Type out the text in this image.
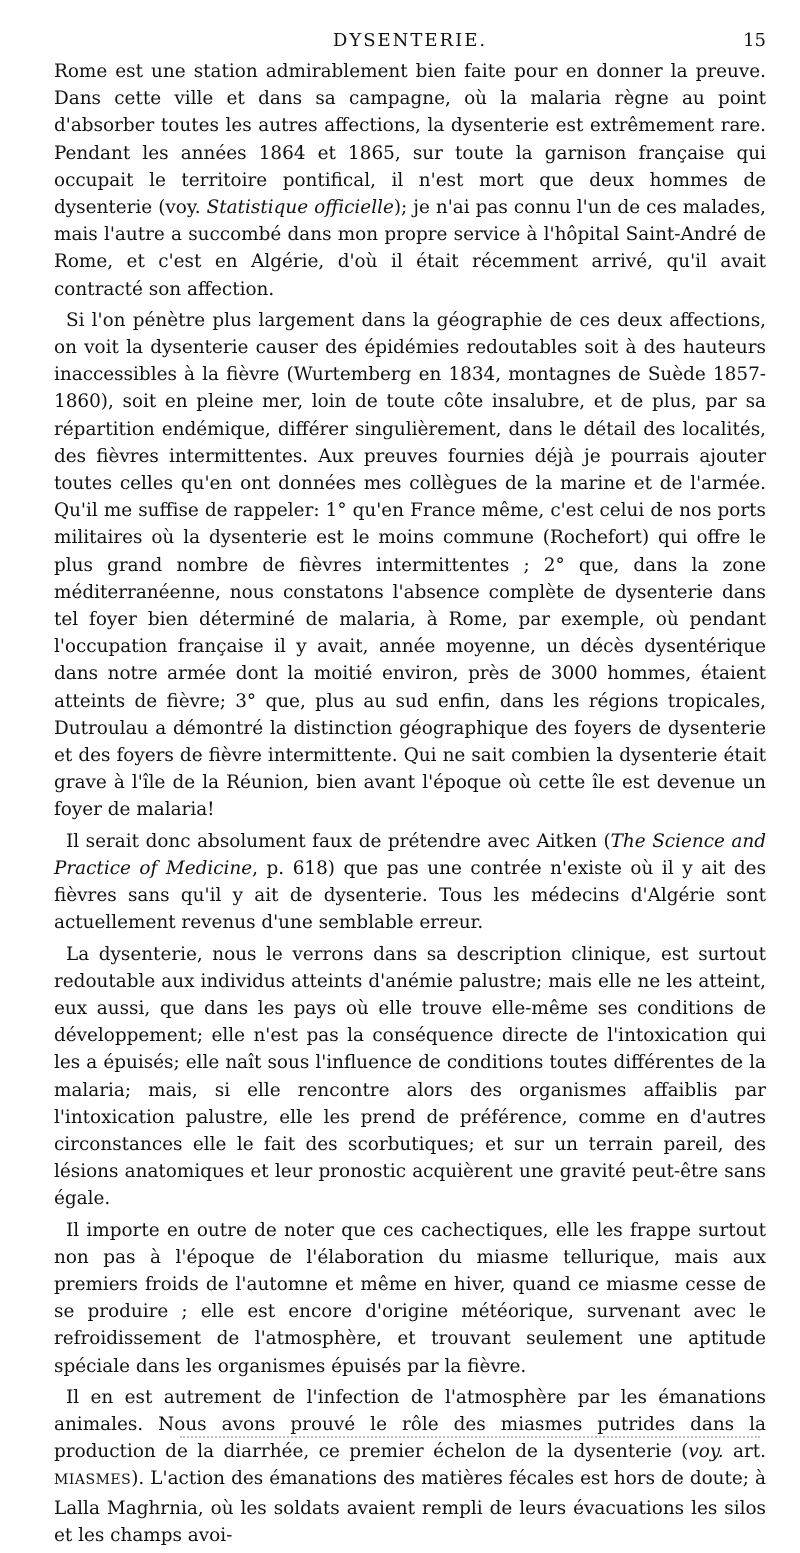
DYSENTERIE.	15

Rome est une station admirablement bien faite pour en donner la preuve. Dans cette ville et dans sa campagne, où la malaria règne au point d'absorber toutes les autres affections, la dysenterie est extrêmement rare. Pendant les années 1864 et 1865, sur toute la garnison française qui occupait le territoire pontifical, il n'est mort que deux hommes de dysenterie (voy. Statistique officielle); je n'ai pas connu l'un de ces malades, mais l'autre a succombé dans mon propre service à l'hôpital Saint-André de Rome, et c'est en Algérie, d'où il était récemment arrivé, qu'il avait contracté son affection.

Si l'on pénètre plus largement dans la géographie de ces deux affections, on voit la dysenterie causer des épidémies redoutables soit à des hauteurs inaccessibles à la fièvre (Wurtemberg en 1834, montagnes de Suède 1857-1860), soit en pleine mer, loin de toute côte insalubre, et de plus, par sa répartition endémique, différer singulièrement, dans le détail des localités, des fièvres intermittentes. Aux preuves fournies déjà je pourrais ajouter toutes celles qu'en ont données mes collègues de la marine et de l'armée. Qu'il me suffise de rappeler: 1° qu'en France même, c'est celui de nos ports militaires où la dysenterie est le moins commune (Rochefort) qui offre le plus grand nombre de fièvres intermittentes ; 2° que, dans la zone méditerranéenne, nous constatons l'absence complète de dysenterie dans tel foyer bien déterminé de malaria, à Rome, par exemple, où pendant l'occupation française il y avait, année moyenne, un décès dysentérique dans notre armée dont la moitié environ, près de 3000 hommes, étaient atteints de fièvre; 3° que, plus au sud enfin, dans les régions tropicales, Dutroulau a démontré la distinction géographique des foyers de dysenterie et des foyers de fièvre intermittente. Qui ne sait combien la dysenterie était grave à l'île de la Réunion, bien avant l'époque où cette île est devenue un foyer de malaria!

Il serait donc absolument faux de prétendre avec Aitken (The Science and Practice of Medicine, p. 618) que pas une contrée n'existe où il y ait des fièvres sans qu'il y ait de dysenterie. Tous les médecins d'Algérie sont actuellement revenus d'une semblable erreur.

La dysenterie, nous le verrons dans sa description clinique, est surtout redoutable aux individus atteints d'anémie palustre; mais elle ne les atteint, eux aussi, que dans les pays où elle trouve elle-même ses conditions de développement; elle n'est pas la conséquence directe de l'intoxication qui les a épuisés; elle naît sous l'influence de conditions toutes différentes de la malaria; mais, si elle rencontre alors des organismes affaiblis par l'intoxication palustre, elle les prend de préférence, comme en d'autres circonstances elle le fait des scorbutiques; et sur un terrain pareil, des lésions anatomiques et leur pronostic acquièrent une gravité peut-être sans égale.

Il importe en outre de noter que ces cachectiques, elle les frappe surtout non pas à l'époque de l'élaboration du miasme tellurique, mais aux premiers froids de l'automne et même en hiver, quand ce miasme cesse de se produire ; elle est encore d'origine météorique, survenant avec le refroidissement de l'atmosphère, et trouvant seulement une aptitude spéciale dans les organismes épuisés par la fièvre.

Il en est autrement de l'infection de l'atmosphère par les émanations animales. Nous avons prouvé le rôle des miasmes putrides dans la production de la diarrhée, ce premier échelon de la dysenterie (voy. art. MIASMES). L'action des émanations des matières fécales est hors de doute; à Lalla Maghrnia, où les soldats avaient rempli de leurs évacuations les silos et les champs avoi-
